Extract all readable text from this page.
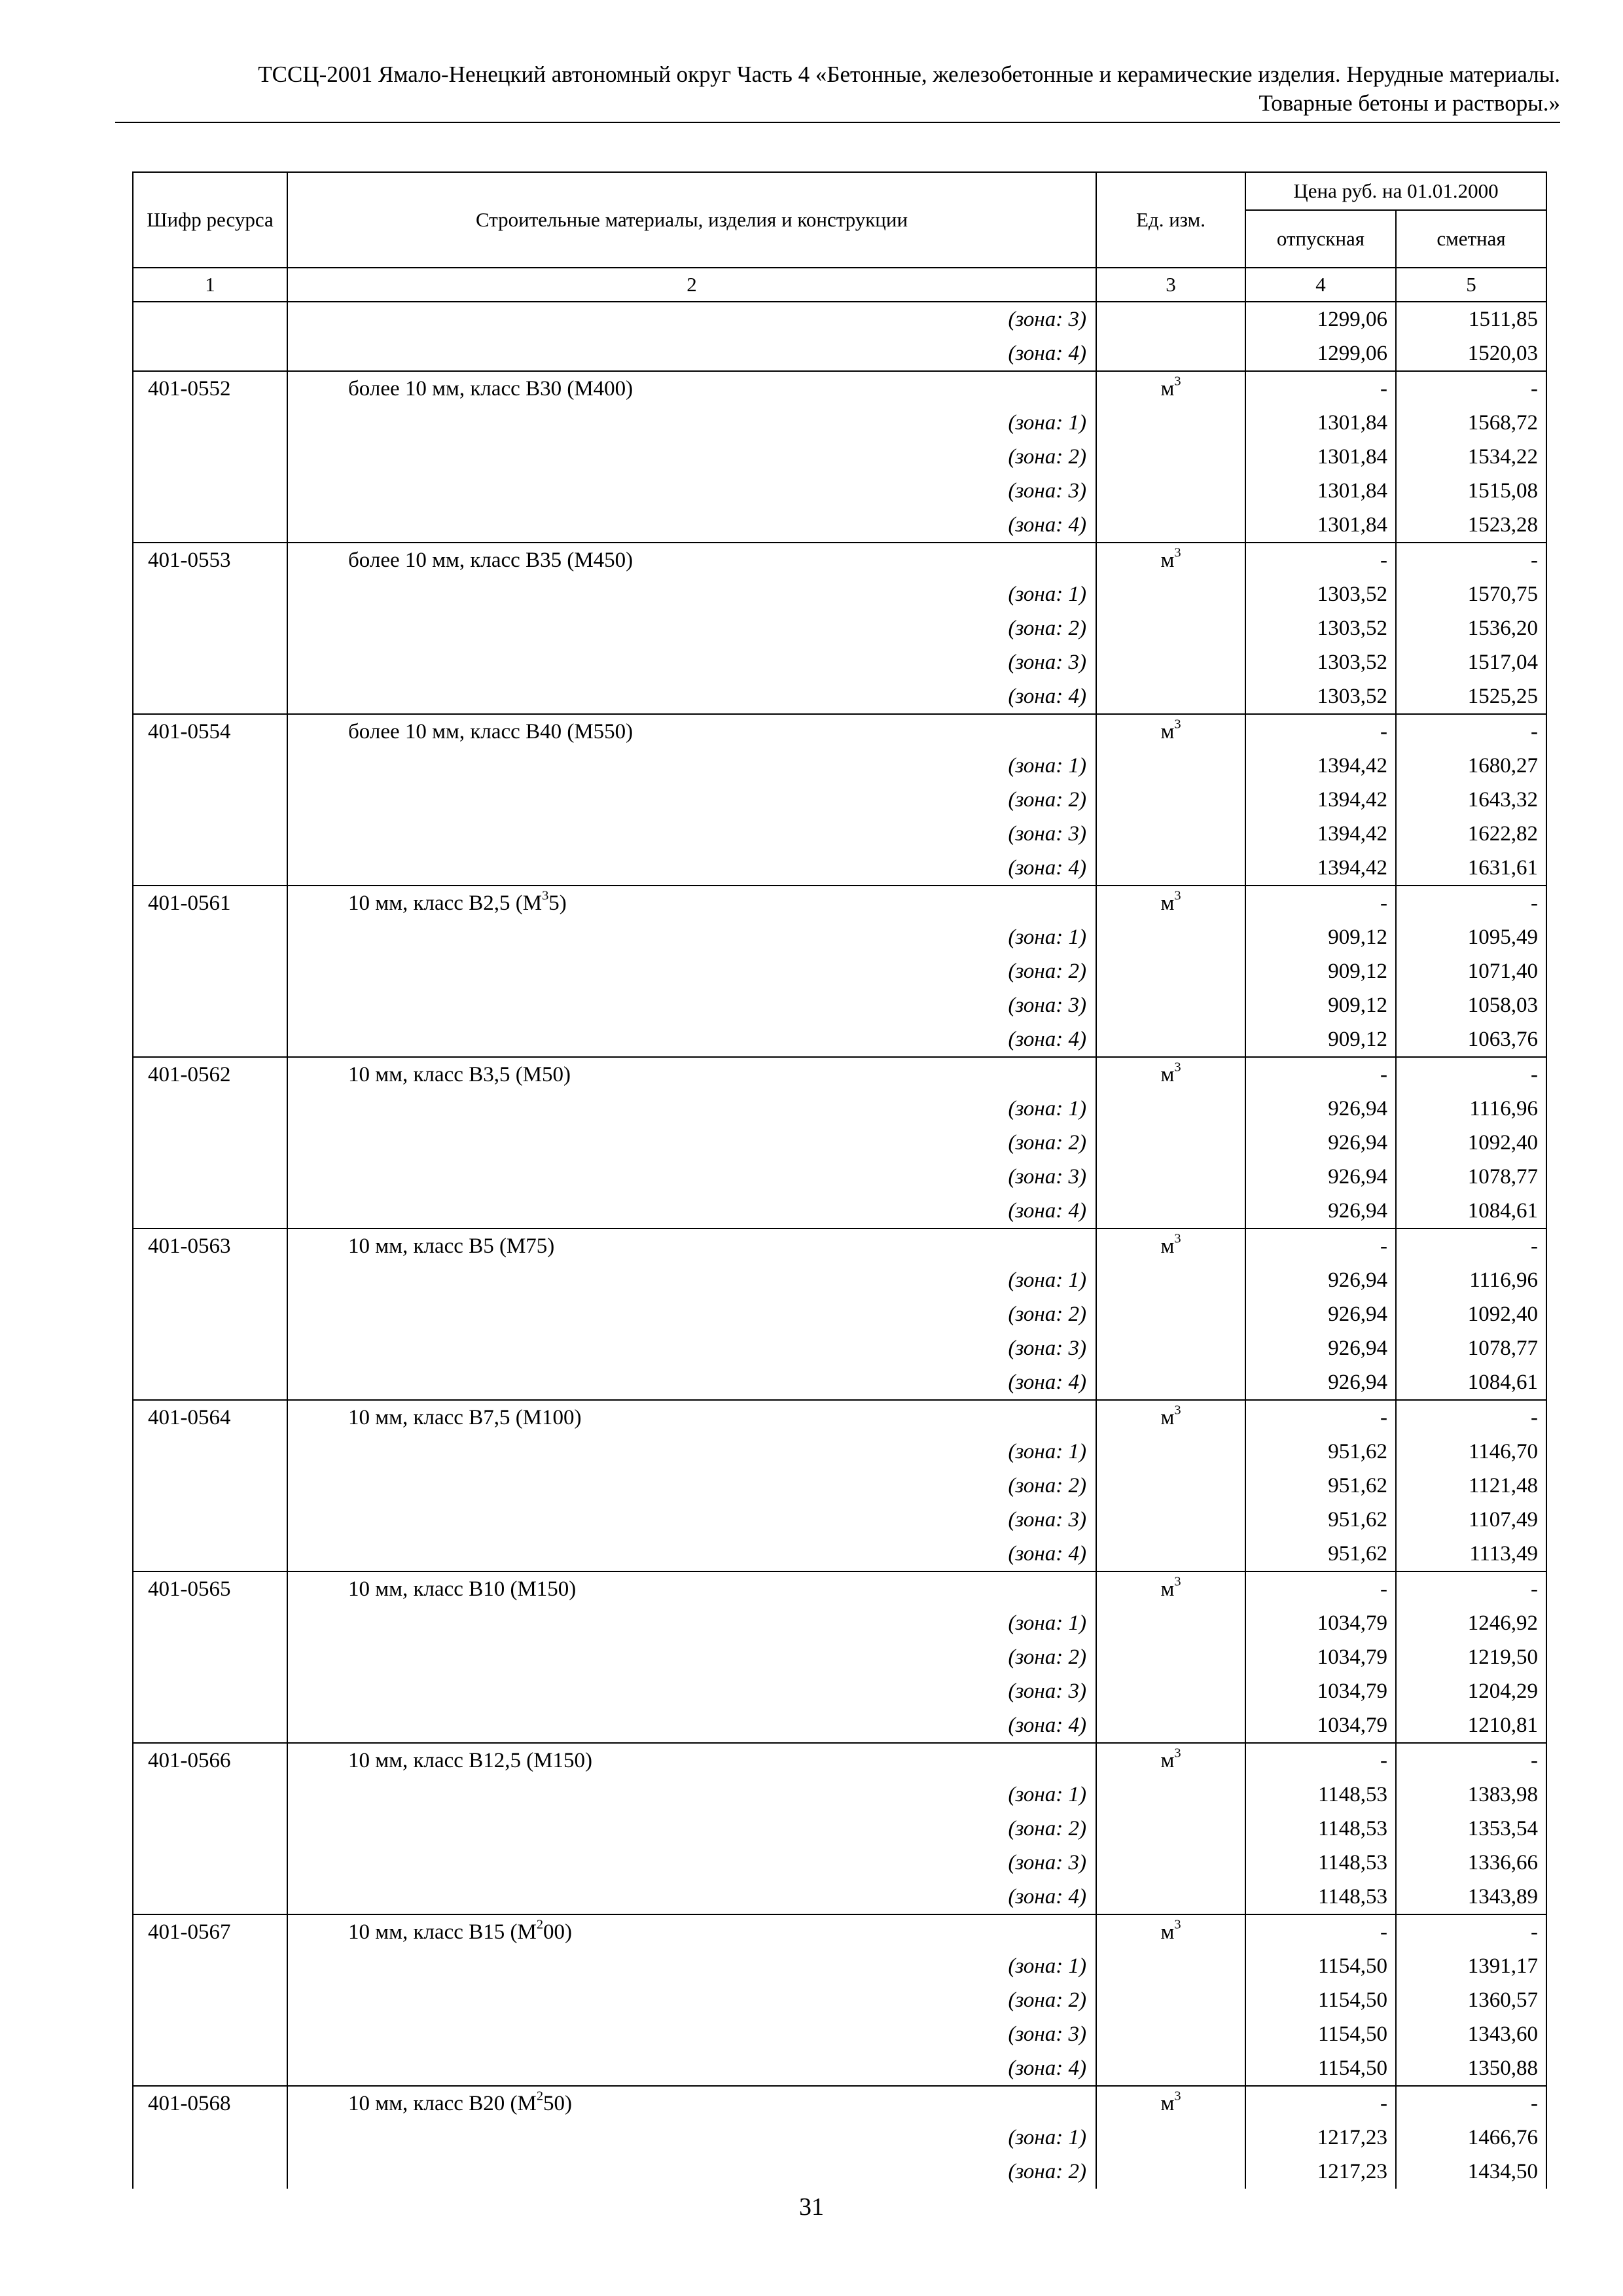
ТССЦ-2001 Ямало-Ненецкий автономный округ Часть 4 «Бетонные, железобетонные и керамические изделия. Нерудные материалы.
Товарные бетоны и растворы.»
Шифр ресурса	Строительные материалы, изделия и конструкции	Ед. изм.	Цена руб. на 01.01.2000	
			отпускная	сметная
1	2	3	4	5
	(зона: 3)		1299,06	1511,85
	(зона: 4)		1299,06	1520,03
401-0552	более 10 мм, класс В30 (М400)	$м^3$	-	-
	(зона: 1)		1301,84	1568,72
	(зона: 2)		1301,84	1534,22
	(зона: 3)		1301,84	1515,08
	(зона: 4)		1301,84	1523,28
401-0553	более 10 мм, класс В35 (М450)	$м^3$	-	-
	(зона: 1)		1303,52	1570,75
	(зона: 2)		1303,52	1536,20
	(зона: 3)		1303,52	1517,04
	(зона: 4)		1303,52	1525,25
401-0554	более 10 мм, класс В40 (М550)	$м^3$	-	-
	(зона: 1)		1394,42	1680,27
	(зона: 2)		1394,42	1643,32
	(зона: 3)		1394,42	1622,82
	(зона: 4)		1394,42	1631,61
401-0561	10 мм, класс В2,5 $(М^35)$	$м^3$	-	-
	(зона: 1)		909,12	1095,49
	(зона: 2)		909,12	1071,40
	(зона: 3)		909,12	1058,03
	(зона: 4)		909,12	1063,76
401-0562	10 мм, класс В3,5 (М50)	$м^3$	-	-
	(зона: 1)		926,94	1116,96
	(зона: 2)		926,94	1092,40
	(зона: 3)		926,94	1078,77
	(зона: 4)		926,94	1084,61
401-0563	10 мм, класс В5 (М75)	$м^3$	-	-
	(зона: 1)		926,94	1116,96
	(зона: 2)		926,94	1092,40
	(зона: 3)		926,94	1078,77
	(зона: 4)		926,94	1084,61
401-0564	10 мм, класс В7,5 (М100)	$м^3$	-	-
	(зона: 1)		951,62	1146,70
	(зона: 2)		951,62	1121,48
	(зона: 3)		951,62	1107,49
	(зона: 4)		951,62	1113,49
401-0565	10 мм, класс В10 (М150)	$м^3$	-	-
	(зона: 1)		1034,79	1246,92
	(зона: 2)		1034,79	1219,50
	(зона: 3)		1034,79	1204,29
	(зона: 4)		1034,79	1210,81
401-0566	10 мм, класс В12,5 (М150)	$м^3$	-	-
	(зона: 1)		1148,53	1383,98
	(зона: 2)		1148,53	1353,54
	(зона: 3)		1148,53	1336,66
	(зона: 4)		1148,53	1343,89
401-0567	10 мм, класс В15 $(М^200)$	$м^3$	-	-
	(зона: 1)		1154,50	1391,17
	(зона: 2)		1154,50	1360,57
	(зона: 3)		1154,50	1343,60
	(зона: 4)		1154,50	1350,88
401-0568	10 мм, класс В20 $(М^250)$	$м^3$	-	-
	(зона: 1)		1217,23	1466,76
	(зона: 2)		1217,23	1434,50
31
